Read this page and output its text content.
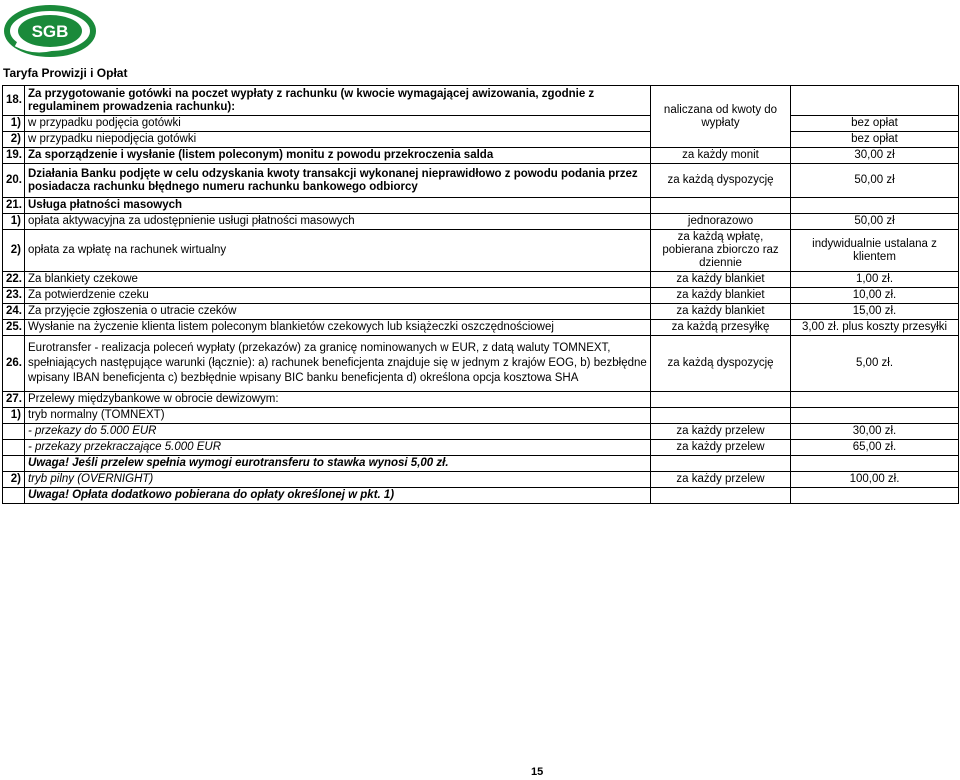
SGB
Taryfa Prowizji i Opłat
18.	Za przygotowanie gotówki na poczet wypłaty z rachunku (w kwocie wymagającej awizowania, zgodnie z regulaminem prowadzenia rachunku):	naliczana od kwoty do wypłaty	
1)	w przypadku podjęcia gotówki		bez opłat
2)	w przypadku niepodjęcia gotówki		bez opłat
19.	Za sporządzenie i wysłanie (listem poleconym) monitu z powodu przekroczenia salda	za każdy monit	30,00 zł
20.	Działania Banku podjęte w celu odzyskania kwoty transakcji wykonanej nieprawidłowo z powodu podania przez posiadacza rachunku błędnego numeru rachunku bankowego odbiorcy	za każdą dyspozycję	50,00 zł
21.	Usługa płatności masowych		
1)	opłata aktywacyjna za udostępnienie usługi płatności masowych	jednorazowo	50,00 zł
2)	opłata za wpłatę na rachunek wirtualny	za każdą wpłatę, pobierana zbiorczo raz dziennie	indywidualnie ustalana z klientem
22.	Za blankiety czekowe	za każdy blankiet	1,00 zł.
23.	Za potwierdzenie czeku	za każdy blankiet	10,00 zł.
24.	Za przyjęcie zgłoszenia o utracie czeków	za każdy blankiet	15,00 zł.
25.	Wysłanie na życzenie klienta listem poleconym blankietów czekowych lub książeczki oszczędnościowej	za każdą przesyłkę	3,00 zł. plus koszty przesyłki
26.	Eurotransfer - realizacja poleceń wypłaty (przekazów) za granicę nominowanych w EUR, z datą waluty TOMNEXT, spełniających następujące warunki (łącznie): a) rachunek beneficjenta znajduje się w jednym z krajów EOG, b) bezbłędne wpisany IBAN beneficjenta c) bezbłędnie wpisany BIC banku beneficjenta d) określona opcja kosztowa SHA	za każdą dyspozycję	5,00 zł.
27.	Przelewy międzybankowe w obrocie dewizowym:		
1)	tryb normalny (TOMNEXT)		
	- przekazy do 5.000 EUR	za każdy przelew	30,00 zł.
	- przekazy przekraczające 5.000 EUR	za każdy przelew	65,00 zł.
	Uwaga! Jeśli przelew spełnia wymogi eurotransferu to stawka wynosi 5,00 zł.		
2)	tryb pilny (OVERNIGHT)	za każdy przelew	100,00 zł.
	Uwaga! Opłata dodatkowo pobierana do opłaty określonej w pkt. 1)		
15
